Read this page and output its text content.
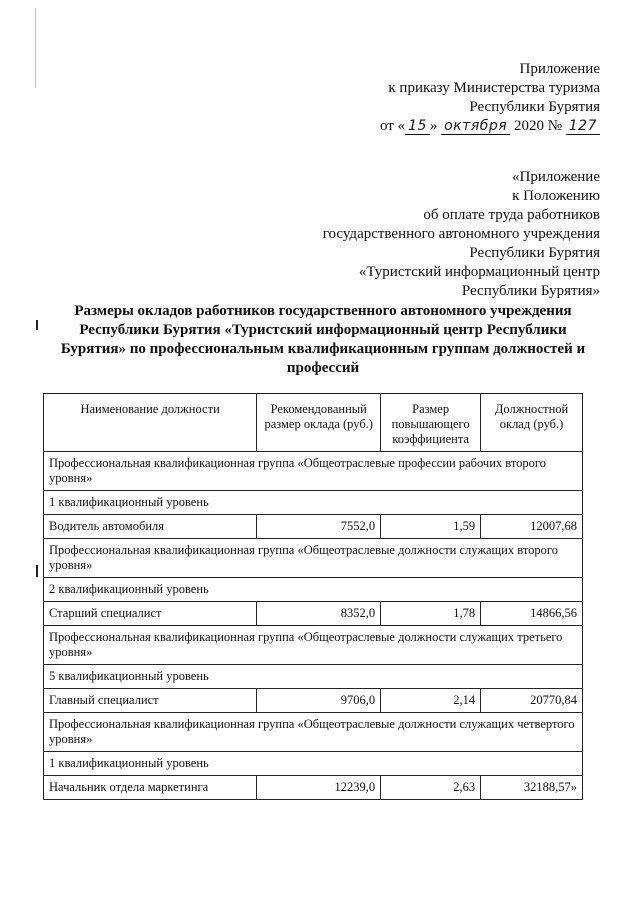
Приложение
к приказу Министерства туризма
Республики Бурятия
от « 15 » октября 2020 № 127
«Приложение
к Положению
об оплате труда работников
государственного автономного учреждения
Республики Бурятия
«Туристский информационный центр
Республики Бурятия»
Размеры окладов работников государственного автономного учреждения Республики Бурятия «Туристский информационный центр Республики Бурятия» по профессиональным квалификационным группам должностей и профессий
Наименование должности	Рекомендованный размер оклада (руб.)	Размер повышающего коэффициента	Должностной оклад (руб.)
Профессиональная квалификационная группа «Общеотраслевые профессии рабочих второго уровня»			
1 квалификационный уровень			
Водитель автомобиля	7552,0	1,59	12007,68
Профессиональная квалификационная группа «Общеотраслевые должности служащих второго уровня»			
2 квалификационный уровень			
Старший специалист	8352,0	1,78	14866,56
Профессиональная квалификационная группа «Общеотраслевые должности служащих третьего уровня»			
5 квалификационный уровень			
Главный специалист	9706,0	2,14	20770,84
Профессиональная квалификационная группа «Общеотраслевые должности служащих четвертого уровня»			
1 квалификационный уровень			
Начальник отдела маркетинга	12239,0	2,63	32188,57»
